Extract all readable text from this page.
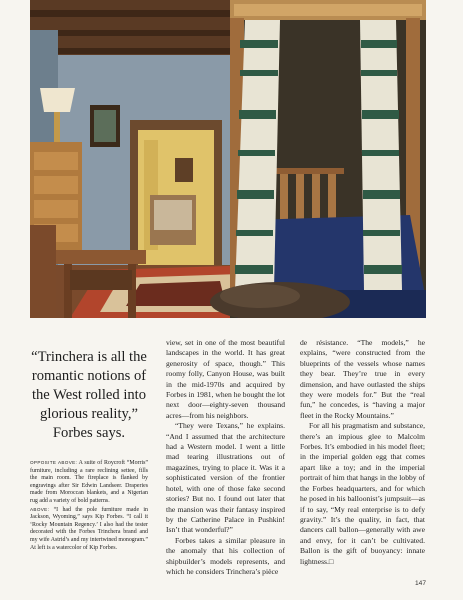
“Trinchera is all the romantic notions of the West rolled into glorious reality,” Forbes says.

OPPOSITE ABOVE: A suite of Roycroft “Morris” furniture, including a rare reclining settee, fills the main room. The fireplace is flanked by engravings after Sir Edwin Landseer. Draperies made from Moroccan blankets, and a Nigerian rug add a variety of bold patterns.

ABOVE: “I had the pole furniture made in Jackson, Wyoming,” says Kip Forbes. “I call it ‘Rocky Mountain Regency.’ I also had the tester decorated with the Forbes Trinchera brand and my wife Astrid’s and my intertwined monogram.” At left is a watercolor of Kip Forbes.

view, set in one of the most beautiful landscapes in the world. It has great generosity of space, though.” This roomy folly, Canyon House, was built in the mid-1970s and acquired by Forbes in 1981, when he bought the lot next door—eighty-seven thousand acres—from his neighbors.

“They were Texans,” he explains. “And I assumed that the architecture had a Western model. I went a little mad tearing illustrations out of magazines, trying to place it. Was it a sophisticated version of the frontier hotel, with one of those fake second stories? But no. I found out later that the mansion was their fantasy inspired by the Catherine Palace in Pushkin! Isn’t that wonderful?”

Forbes takes a similar pleasure in the anomaly that his collection of shipbuilder’s models represents, and which he considers Trinchera’s pièce

de résistance. “The models,” he explains, “were constructed from the blueprints of the vessels whose names they bear. They’re true in every dimension, and have outlasted the ships they were models for.” But the “real fun,” he concedes, is “having a major fleet in the Rocky Mountains.”

For all his pragmatism and substance, there’s an impious glee to Malcolm Forbes. It’s embodied in his model fleet; in the imperial golden egg that comes apart like a toy; and in the imperial portrait of him that hangs in the lobby of the Forbes headquarters, and for which he posed in his balloonist’s jumpsuit—as if to say, “My real enterprise is to defy gravity.” It’s the quality, in fact, that dancers call ballon—generally with awe and envy, for it can’t be cultivated. Ballon is the gift of buoyancy: innate lightness.□

147
